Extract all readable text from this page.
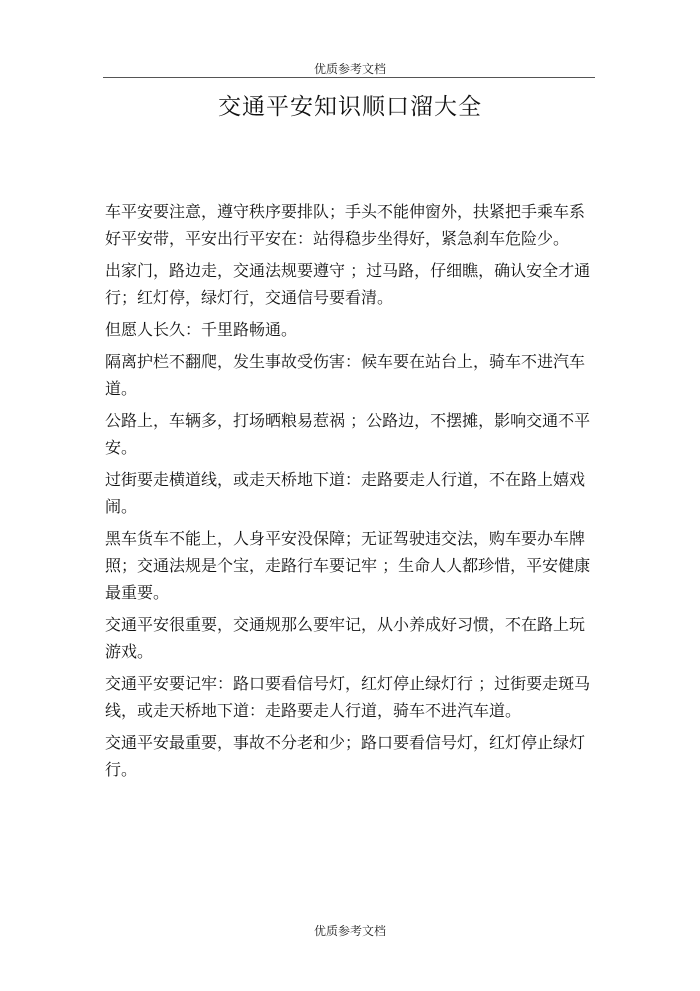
优质参考文档
交通平安知识顺口溜大全

车平安要注意，遵守秩序要排队；手头不能伸窗外，扶紧把手乘车系好平安带，平安出行平安在：站得稳步坐得好，紧急刹车危险少。

出家门，路边走，交通法规要遵守 ；过马路，仔细瞧，确认安全才通行；红灯停，绿灯行，交通信号要看清。

但愿人长久：千里路畅通。

隔离护栏不翻爬，发生事故受伤害：候车要在站台上，骑车不进汽车道。

公路上，车辆多，打场晒粮易惹祸 ；公路边，不摆摊，影响交通不平安。

过街要走横道线，或走天桥地下道：走路要走人行道，不在路上嬉戏闹。

黑车货车不能上，人身平安没保障；无证驾驶违交法，购车要办车牌照；交通法规是个宝，走路行车要记牢 ；生命人人都珍惜，平安健康最重要。

交通平安很重要，交通规那么要牢记，从小养成好习惯，不在路上玩游戏。

交通平安要记牢：路口要看信号灯，红灯停止绿灯行 ；过街要走斑马线，或走天桥地下道：走路要走人行道，骑车不进汽车道。

交通平安最重要，事故不分老和少；路口要看信号灯，红灯停止绿灯行。

优质参考文档
